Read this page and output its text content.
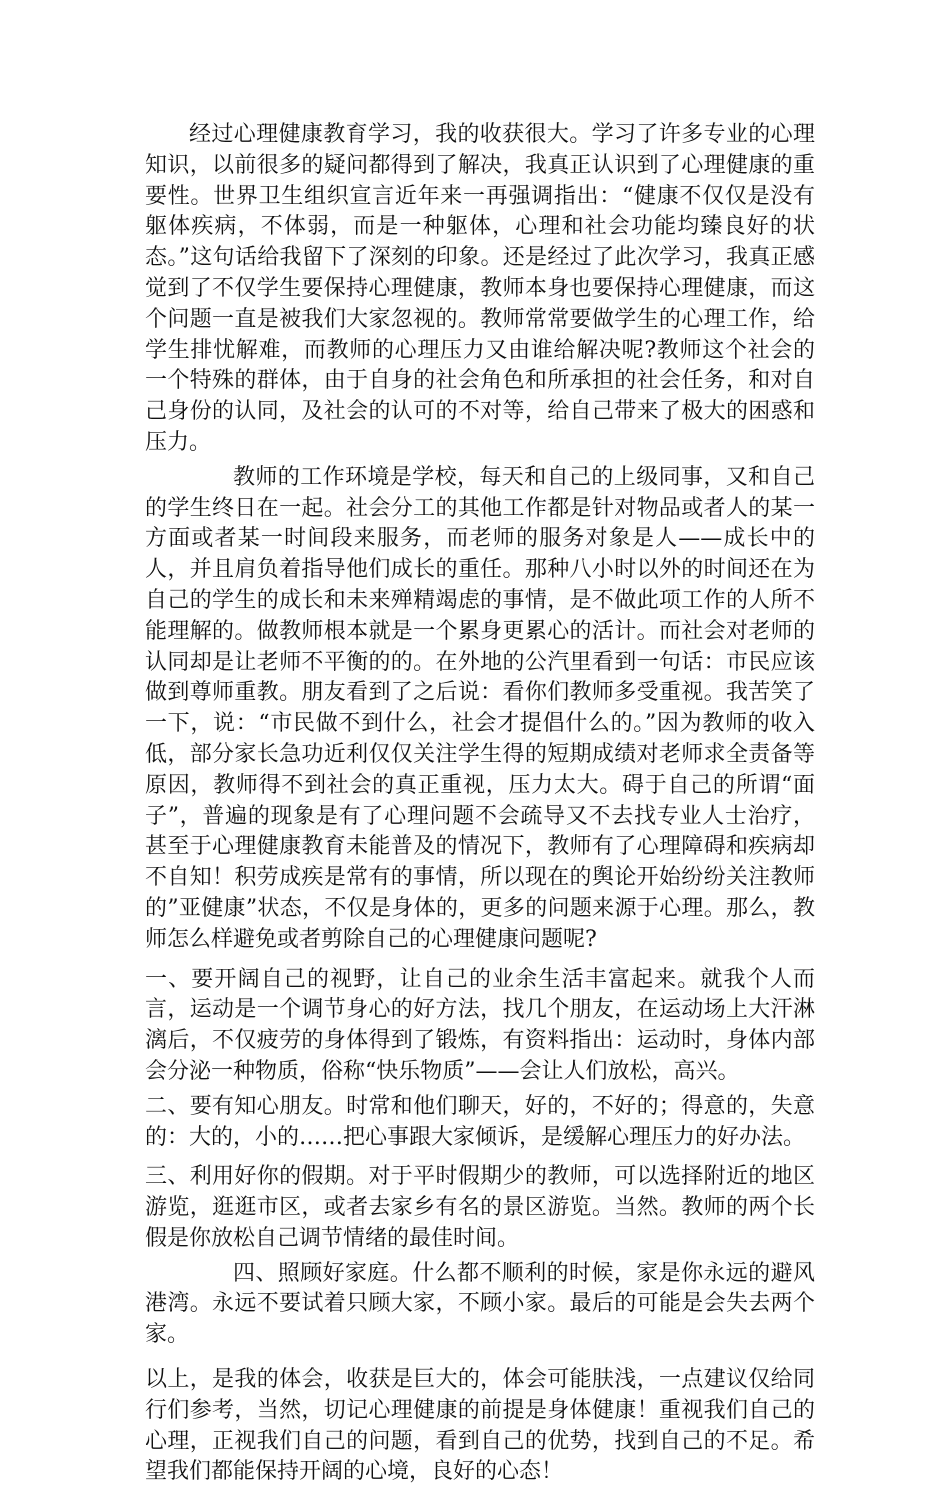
经过心理健康教育学习，我的收获很大。学习了许多专业的心理知识，以前很多的疑问都得到了解决，我真正认识到了心理健康的重要性。世界卫生组织宣言近年来一再强调指出：“健康不仅仅是没有躯体疾病，不体弱，而是一种躯体，心理和社会功能均臻良好的状态。”这句话给我留下了深刻的印象。还是经过了此次学习，我真正感觉到了不仅学生要保持心理健康，教师本身也要保持心理健康，而这个问题一直是被我们大家忽视的。教师常常要做学生的心理工作，给学生排忧解难，而教师的心理压力又由谁给解决呢?教师这个社会的一个特殊的群体，由于自身的社会角色和所承担的社会任务，和对自己身份的认同，及社会的认可的不对等，给自己带来了极大的困惑和压力。

教师的工作环境是学校，每天和自己的上级同事，又和自己的学生终日在一起。社会分工的其他工作都是针对物品或者人的某一方面或者某一时间段来服务，而老师的服务对象是人——成长中的人，并且肩负着指导他们成长的重任。那种八小时以外的时间还在为自己的学生的成长和未来殚精竭虑的事情，是不做此项工作的人所不能理解的。做教师根本就是一个累身更累心的活计。而社会对老师的认同却是让老师不平衡的的。在外地的公汽里看到一句话：市民应该做到尊师重教。朋友看到了之后说：看你们教师多受重视。我苦笑了一下，说：“市民做不到什么，社会才提倡什么的。”因为教师的收入低，部分家长急功近利仅仅关注学生得的短期成绩对老师求全责备等原因，教师得不到社会的真正重视，压力太大。碍于自己的所谓“面子”，普遍的现象是有了心理问题不会疏导又不去找专业人士治疗，甚至于心理健康教育未能普及的情况下，教师有了心理障碍和疾病却不自知！积劳成疾是常有的事情，所以现在的舆论开始纷纷关注教师的”亚健康”状态，不仅是身体的，更多的问题来源于心理。那么，教师怎么样避免或者剪除自己的心理健康问题呢?

一、要开阔自己的视野，让自己的业余生活丰富起来。就我个人而言，运动是一个调节身心的好方法，找几个朋友，在运动场上大汗淋漓后，不仅疲劳的身体得到了锻炼，有资料指出：运动时，身体内部会分泌一种物质，俗称“快乐物质”——会让人们放松，高兴。

二、要有知心朋友。时常和他们聊天，好的，不好的；得意的，失意的：大的，小的……把心事跟大家倾诉，是缓解心理压力的好办法。

三、利用好你的假期。对于平时假期少的教师，可以选择附近的地区游览，逛逛市区，或者去家乡有名的景区游览。当然。教师的两个长假是你放松自己调节情绪的最佳时间。

四、照顾好家庭。什么都不顺利的时候，家是你永远的避风港湾。永远不要试着只顾大家，不顾小家。最后的可能是会失去两个家。

以上，是我的体会，收获是巨大的，体会可能肤浅，一点建议仅给同行们参考，当然，切记心理健康的前提是身体健康！重视我们自己的心理，正视我们自己的问题，看到自己的优势，找到自己的不足。希望我们都能保持开阔的心境，良好的心态！
